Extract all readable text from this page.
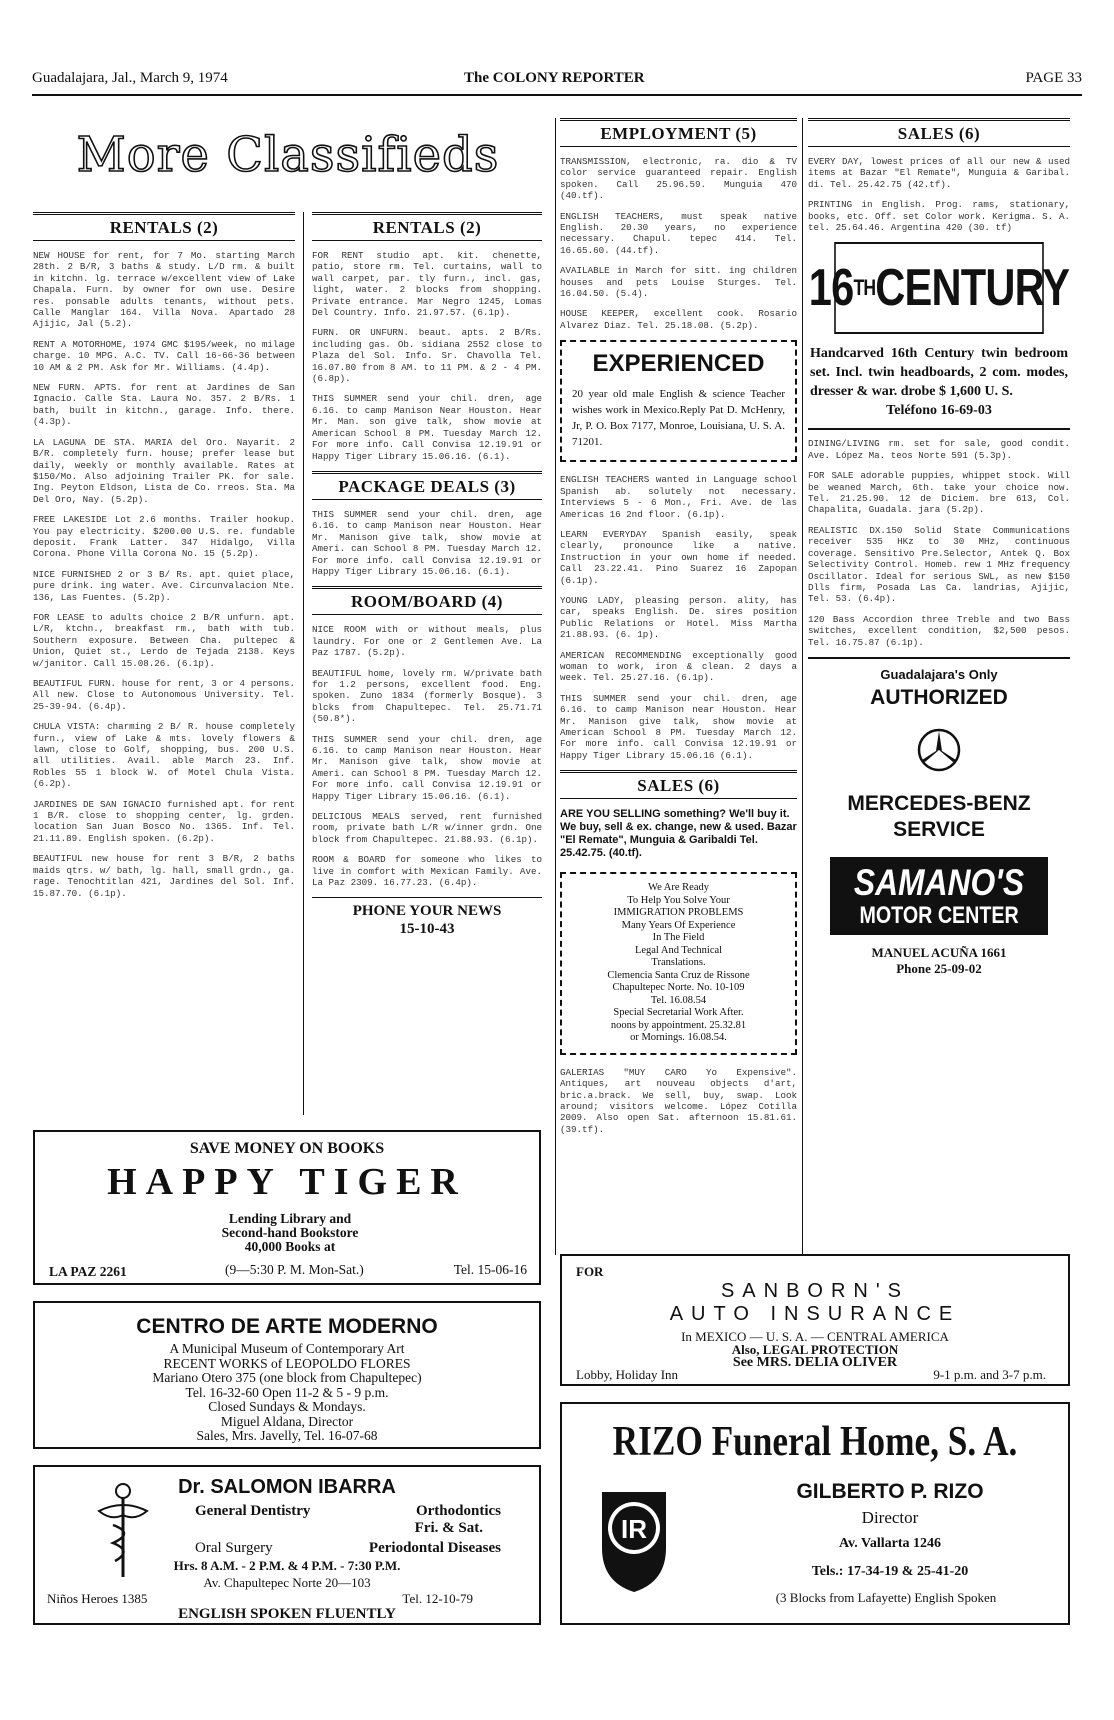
Guadalajara, Jal., March 9, 1974	The COLONY REPORTER	PAGE 33
More Classifieds
RENTALS (2)
NEW HOUSE for rent, for 7 Mo. starting March 28th. 2 B/R, 3 baths & study. L/D rm. & built in kitchn. lg. terrace w/excellent view of Lake Chapala. Furn. by owner for own use. Desire res. ponsable adults tenants, without pets. Calle Manglar 164. Villa Nova. Apartado 28 Ajijic, Jal (5.2).
RENT A MOTORHOME, 1974 GMC $195/week, no milage charge. 10 MPG. A.C. TV. Call 16-66-36 between 10 AM & 2 PM. Ask for Mr. Williams. (4.4p).
NEW FURN. APTS. for rent at Jardines de San Ignacio. Calle Sta. Laura No. 357. 2 B/Rs. 1 bath, built in kitchn., garage. Info. there. (4.3p).
LA LAGUNA DE STA. MARIA del Oro. Nayarit. 2 B/R. completely furn. house; prefer lease but daily, weekly or monthly available. Rates at $150/Mo. Also adjoining Trailer PK. for sale. Ing. Peyton Eldson, Lista de Co. rreos. Sta. Ma Del Oro, Nay. (5.2p).
FREE LAKESIDE Lot 2.6 months. Trailer hookup. You pay electricity. $200.00 U.S. re. fundable deposit. Frank Latter. 347 Hidalgo, Villa Corona. Phone Villa Corona No. 15 (5.2p).
NICE FURNISHED 2 or 3 B/ Rs. apt. quiet place, pure drink. ing water. Ave. Circunvalacion Nte. 136, Las Fuentes. (5.2p).
FOR LEASE to adults choice 2 B/R unfurn. apt. L/R, ktchn., breakfast rm., bath with tub. Southern exposure. Between Cha. pultepec & Union, Quiet st., Lerdo de Tejada 2138. Keys w/janitor. Call 15.08.26. (6.1p).
BEAUTIFUL FURN. house for rent, 3 or 4 persons. All new. Close to Autonomous University. Tel. 25-39-94. (6.4p).
CHULA VISTA: charming 2 B/ R. house completely furn., view of Lake & mts. lovely flowers & lawn, close to Golf, shopping, bus. 200 U.S. all utilities. Avail. able March 23. Inf. Robles 55 1 block W. of Motel Chula Vista. (6.2p).
JARDINES DE SAN IGNACIO furnished apt. for rent 1 B/R. close to shopping center, lg. grden. location San Juan Bosco No. 1365. Inf. Tel. 21.11.89. English spoken. (6.2p).
BEAUTIFUL new house for rent 3 B/R, 2 baths maids qtrs. w/ bath, lg. hall, small grdn., ga. rage. Tenochtitlan 421, Jardines del Sol. Inf. 15.87.70. (6.1p).
RENTALS (2)
FOR RENT studio apt. kit. chenette, patio, store rm. Tel. curtains, wall to wall carpet, par. tly furn., incl. gas, light, water. 2 blocks from shopping. Private entrance. Mar Negro 1245, Lomas Del Country. Info. 21.97.57. (6.1p).
FURN. OR UNFURN. beaut. apts. 2 B/Rs. including gas. Ob. sidiana 2552 close to Plaza del Sol. Info. Sr. Chavolla Tel. 16.07.80 from 8 AM. to 11 PM. & 2 - 4 PM. (6.8p).
THIS SUMMER send your chil. dren, age 6.16. to camp Manison Near Houston. Hear Mr. Man. son give talk, show movie at American School 8 PM. Tuesday March 12. For more info. Call Convisa 12.19.91 or Happy Tiger Library 15.06.16. (6.1).
PACKAGE DEALS (3)
THIS SUMMER send your chil. dren, age 6.16. to camp Manison near Houston. Hear Mr. Manison give talk, show movie at Ameri. can School 8 PM. Tuesday March 12. For more info. call Convisa 12.19.91 or Happy Tiger Library 15.06.16. (6.1).
ROOM/BOARD (4)
NICE ROOM with or without meals, plus laundry. For one or 2 Gentlemen Ave. La Paz 1787. (5.2p).
BEAUTIFUL home, lovely rm. W/private bath for 1.2 persons, excellent food. Eng. spoken. Zuno 1834 (formerly Bosque). 3 blcks from Chapultepec. Tel. 25.71.71 (50.8*).
THIS SUMMER send your chil. dren, age 6.16. to camp Manison near Houston. Hear Mr. Manison give talk, show movie at Ameri. can School 8 PM. Tuesday March 12. For more info. call Convisa 12.19.91 or Happy Tiger Library 15.06.16. (6.1).
DELICIOUS MEALS served, rent furnished room, private bath L/R w/inner grdn. One block from Chapultepec. 21.88.93. (6.1p).
ROOM & BOARD for someone who likes to live in comfort with Mexican Family. Ave. La Paz 2309. 16.77.23. (6.4p).
PHONE YOUR NEWS
15-10-43
EMPLOYMENT (5)
TRANSMISSION, electronic, ra. dio & TV color service guaranteed repair. English spoken. Call 25.96.59. Munguia 470 (40.tf).
ENGLISH TEACHERS, must speak native English. 20.30 years, no experience necessary. Chapul. tepec 414. Tel. 16.65.60. (44.tf).
AVAILABLE in March for sitt. ing children houses and pets Louise Sturges. Tel. 16.04.50. (5.4).
HOUSE KEEPER, excellent cook. Rosario Alvarez Diaz. Tel. 25.18.08. (5.2p).
EXPERIENCED
20 year old male English & science Teacher wishes work in Mexico.Reply Pat D. McHenry, Jr, P. O. Box 7177, Monroe, Louisiana, U. S. A. 71201.
ENGLISH TEACHERS wanted in Language school Spanish ab. solutely not necessary. Interviews 5 - 6 Mon., Fri. Ave. de las Americas 16 2nd floor. (6.1p).
LEARN EVERYDAY Spanish easily, speak clearly, pronounce like a native. Instruction in your own home if needed. Call 23.22.41. Pino Suarez 16 Zapopan (6.1p).
YOUNG LADY, pleasing person. ality, has car, speaks English. De. sires position Public Relations or Hotel. Miss Martha 21.88.93. (6. 1p).
AMERICAN RECOMMENDING exceptionally good woman to work, iron & clean. 2 days a week. Tel. 25.27.16. (6.1p).
THIS SUMMER send your chil. dren, age 6.16. to camp Manison near Houston. Hear Mr. Manison give talk, show movie at American School 8 PM. Tuesday March 12. For more info. call Convisa 12.19.91 or Happy Tiger Library 15.06.16 (6.1).
SALES (6)
ARE YOU SELLING something? We'll buy it. We buy, sell & ex. change, new & used. Bazar "El Remate", Munguia & Garibaldi Tel. 25.42.75. (40.tf).
We Are Ready
To Help You Solve Your
IMMIGRATION PROBLEMS
Many Years Of Experience
In The Field
Legal And Technical
Translations.
Clemencia Santa Cruz de Rissone
Chapultepec Norte. No. 10-109
Tel. 16.08.54
Special Secretarial Work After.
noons by appointment. 25.32.81
or Mornings. 16.08.54.
GALERIAS "MUY CARO Yo Expensive". Antiques, art nouveau objects d'art, bric.a.brack. We sell, buy, swap. Look around; visitors welcome. López Cotilla 2009. Also open Sat. afternoon 15.81.61. (39.tf).
SALES (6)
EVERY DAY, lowest prices of all our new & used items at Bazar "El Remate", Munguia & Garibal. di. Tel. 25.42.75 (42.tf).
PRINTING in English. Prog. rams, stationary, books, etc. Off. set Color work. Kerigma. S. A. tel. 25.64.46. Argentina 420 (30. tf)
16 TH CENTURY
Handcarved 16th Century twin bedroom set. Incl. twin headboards, 2 com. modes, dresser & war. drobe $ 1,600 U. S.
Teléfono 16-69-03
DINING/LIVING rm. set for sale, good condit. Ave. López Ma. teos Norte 591 (5.3p).
FOR SALE adorable puppies, whippet stock. Will be weaned March, 6th. take your choice now. Tel. 21.25.90. 12 de Diciem. bre 613, Col. Chapalita, Guadala. jara (5.2p).
REALISTIC DX.150 Solid State Communications receiver 535 HKz to 30 MHz, continuous coverage. Sensitivo Pre.Selector, Antek Q. Box Selectivity Control. Homeb. rew 1 MHz frequency Oscillator. Ideal for serious SWL, as new $150 Dlls firm, Posada Las Ca. landrias, Ajijic, Tel. 53. (6.4p).
120 Bass Accordion three Treble and two Bass switches, excellent condition, $2,500 pesos. Tel. 16.75.87 (6.1p).
Guadalajara's Only
AUTHORIZED
MERCEDES-BENZ
SERVICE
SAMANO'S
MOTOR CENTER
MANUEL ACUÑA 1661
Phone 25-09-02
SAVE MONEY ON BOOKS
HAPPY TIGER
Lending Library and
Second-hand Bookstore
40,000 Books at
LA PAZ 2261	(9—5:30 P. M. Mon-Sat.)	Tel. 15-06-16
CENTRO DE ARTE MODERNO
A Municipal Museum of Contemporary Art
RECENT WORKS of LEOPOLDO FLORES
Mariano Otero 375 (one block from Chapultepec)
Tel. 16-32-60 Open 11-2 & 5 - 9 p.m.
Closed Sundays & Mondays.
Miguel Aldana, Director
Sales, Mrs. Javelly, Tel. 16-07-68
Dr. SALOMON IBARRA
General Dentistry	Orthodontics
Fri. & Sat.
Oral Surgery	Periodontal Diseases
Hrs. 8 A.M. - 2 P.M. & 4 P.M. - 7:30 P.M.
Av. Chapultepec Norte 20—103
Niños Heroes 1385	Tel. 12-10-79
ENGLISH SPOKEN FLUENTLY
FOR
SANBORN'S
AUTO INSURANCE
In MEXICO — U. S. A. — CENTRAL AMERICA
Also, LEGAL PROTECTION
See MRS. DELIA OLIVER
Lobby, Holiday Inn	9-1 p.m. and 3-7 p.m.
RIZO Funeral Home, S. A.
IR
GILBERTO P. RIZO
Director
Av. Vallarta 1246
Tels.: 17-34-19 & 25-41-20
(3 Blocks from Lafayette) English Spoken
